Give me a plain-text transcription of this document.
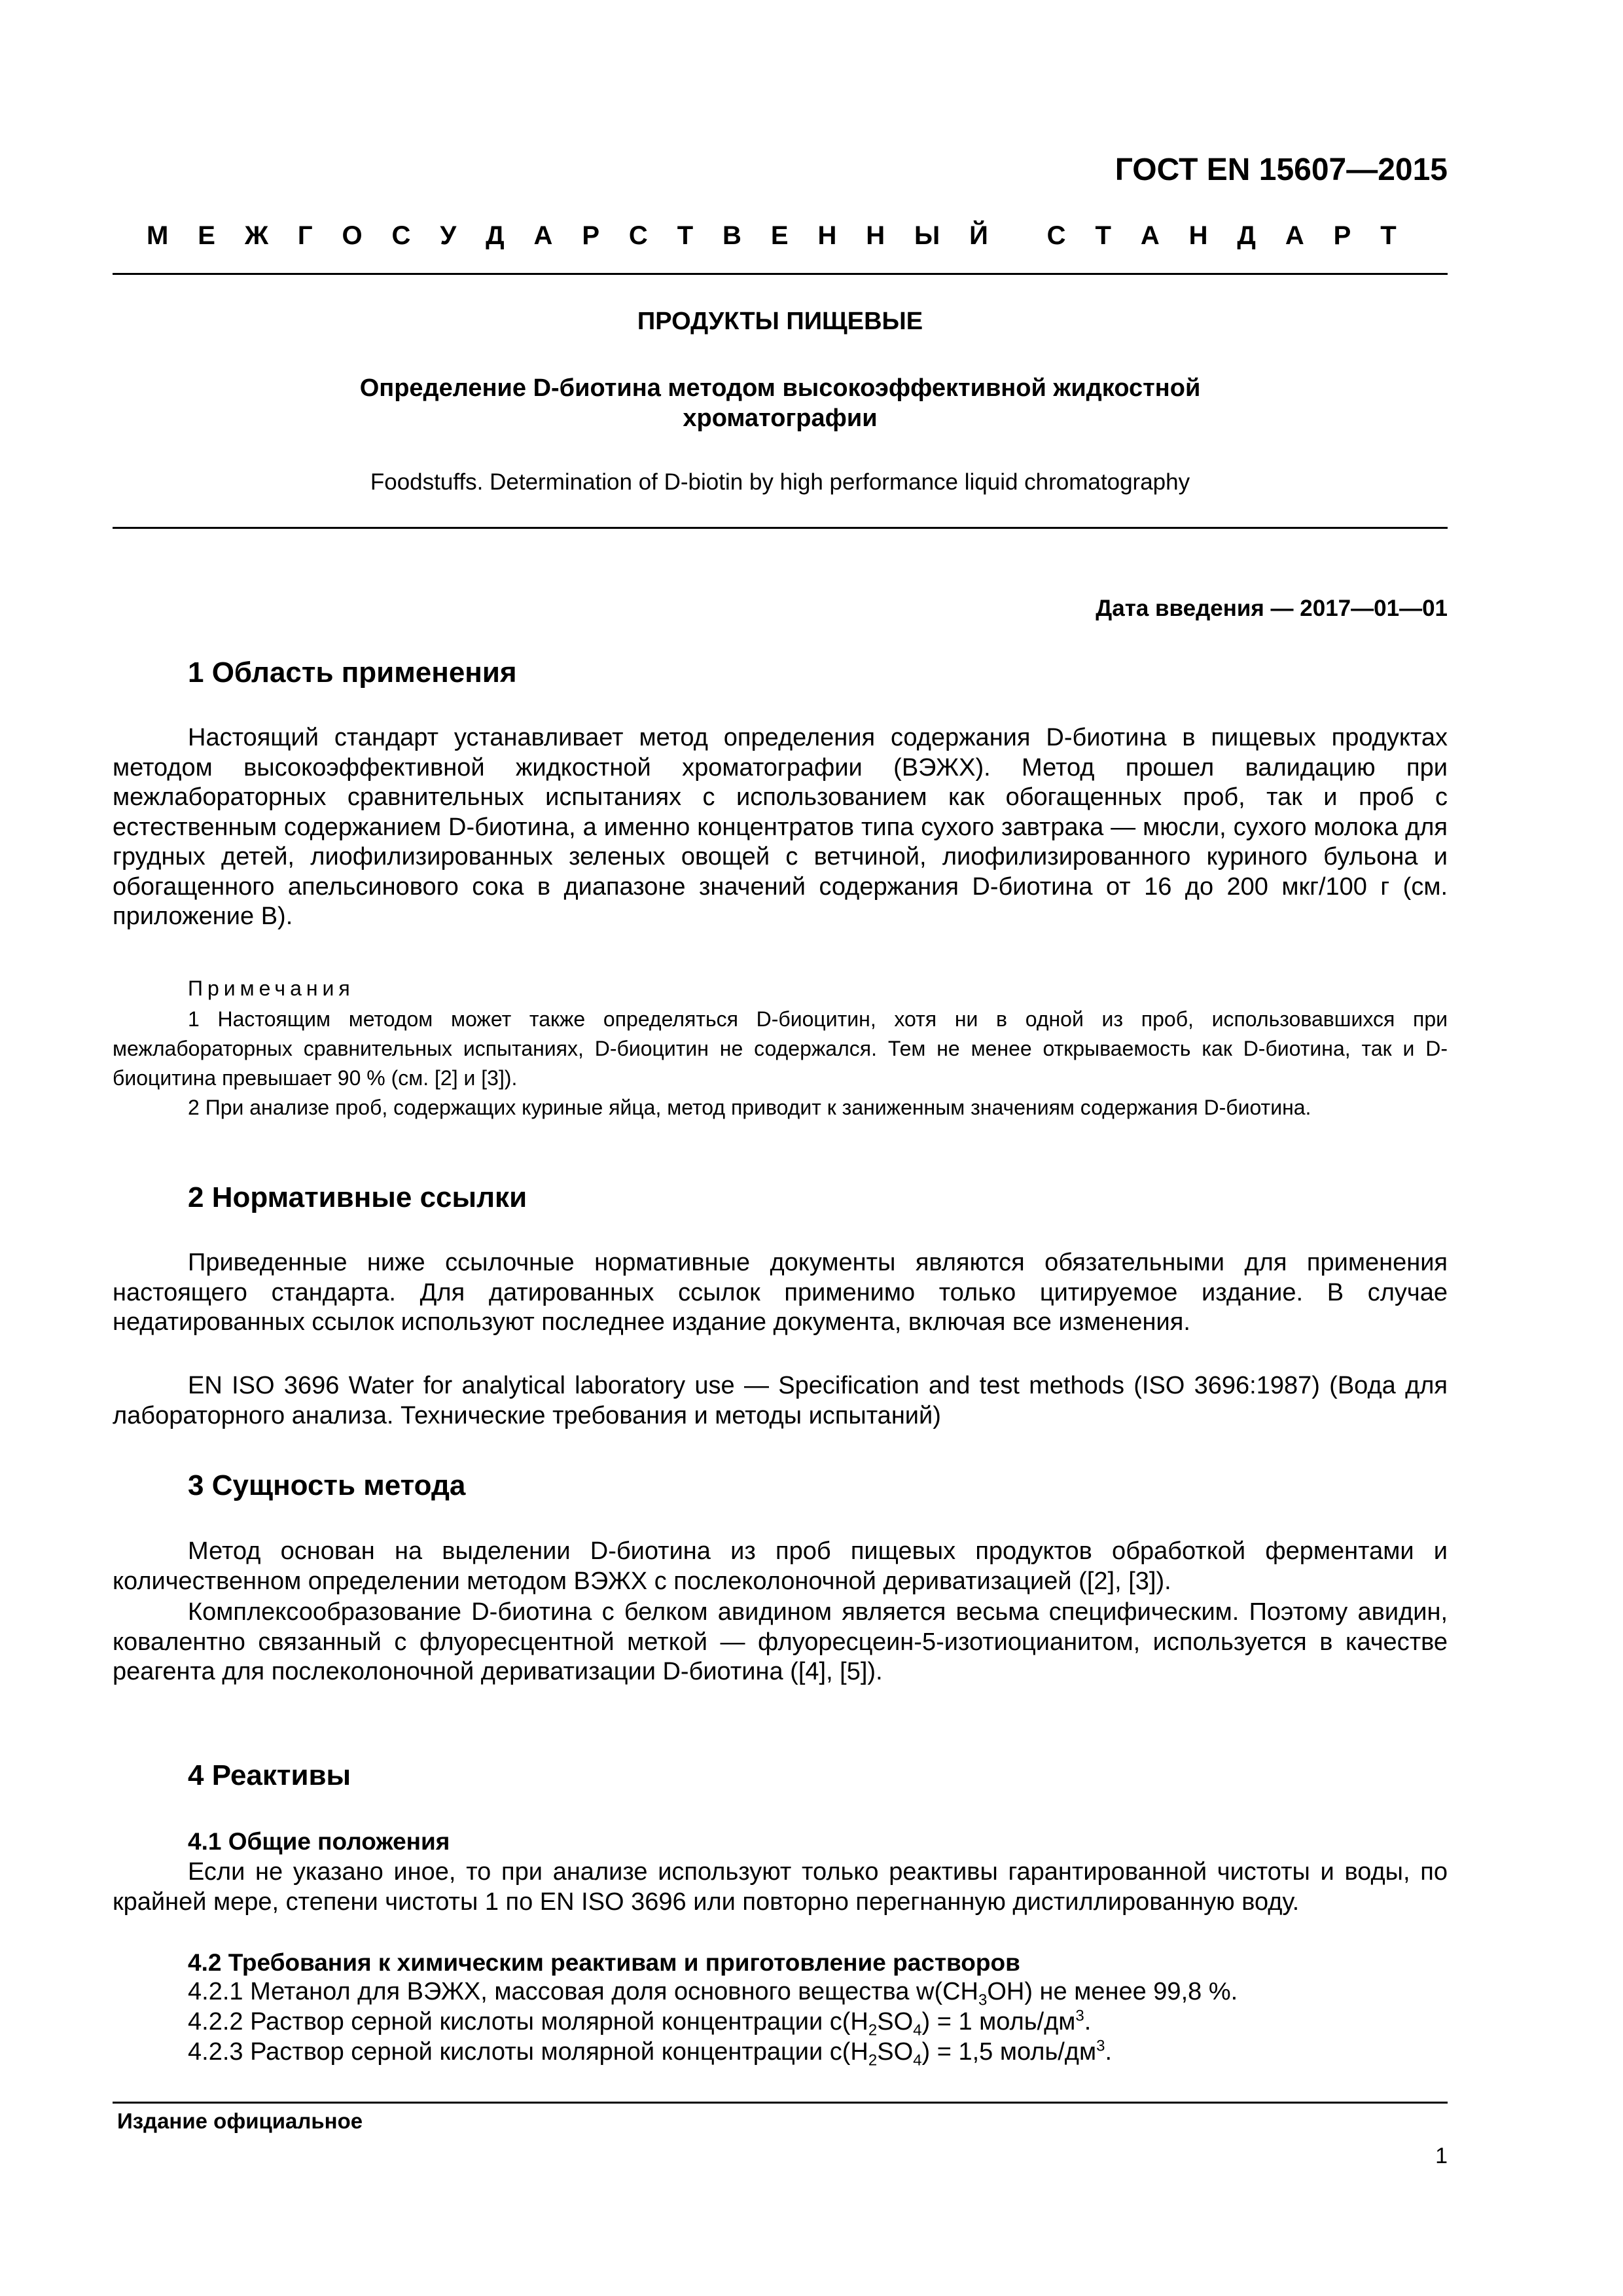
ГОСТ EN 15607—2015
М Е Ж Г О С У Д А Р С Т В Е Н Н Ы Й С Т А Н Д А Р Т
ПРОДУКТЫ ПИЩЕВЫЕ
Определение D-биотина методом высокоэффективной жидкостной
хроматографии
Foodstuffs. Determination of D-biotin by high performance liquid chromatography
Дата введения — 2017—01—01
1 Область применения
Настоящий стандарт устанавливает метод определения содержания D-биотина в пищевых продуктах методом высокоэффективной жидкостной хроматографии (ВЭЖХ). Метод прошел валидацию при межлабораторных сравнительных испытаниях с использованием как обогащенных проб, так и проб с естественным содержанием D-биотина, а именно концентратов типа сухого завтрака — мюсли, сухого молока для грудных детей, лиофилизированных зеленых овощей с ветчиной, лиофилизированного куриного бульона и обогащенного апельсинового сока в диапазоне значений содержания D-биотина от 16 до 200 мкг/100 г (см. приложение В).
Примечания
1 Настоящим методом может также определяться D-биоцитин, хотя ни в одной из проб, использовавшихся при межлабораторных сравнительных испытаниях, D-биоцитин не содержался. Тем не менее открываемость как D-биотина, так и D-биоцитина превышает 90 % (см. [2] и [3]).
2 При анализе проб, содержащих куриные яйца, метод приводит к заниженным значениям содержания D-биотина.
2 Нормативные ссылки
Приведенные ниже ссылочные нормативные документы являются обязательными для применения настоящего стандарта. Для датированных ссылок применимо только цитируемое издание. В случае недатированных ссылок используют последнее издание документа, включая все изменения.
EN ISO 3696 Water for analytical laboratory use — Specification and test methods (ISO 3696:1987) (Вода для лабораторного анализа. Технические требования и методы испытаний)
3 Сущность метода
Метод основан на выделении D-биотина из проб пищевых продуктов обработкой ферментами и количественном определении методом ВЭЖХ с послеколоночной дериватизацией ([2], [3]).
Комплексообразование D-биотина с белком авидином является весьма специфическим. Поэтому авидин, ковалентно связанный с флуоресцентной меткой — флуоресцеин-5-изотиоцианитом, используется в качестве реагента для послеколоночной дериватизации D-биотина ([4], [5]).
4 Реактивы
4.1 Общие положения
Если не указано иное, то при анализе используют только реактивы гарантированной чистоты и воды, по крайней мере, степени чистоты 1 по EN ISO 3696 или повторно перегнанную дистиллированную воду.
4.2 Требования к химическим реактивам и приготовление растворов
4.2.1 Метанол для ВЭЖХ, массовая доля основного вещества $w(CH_3OH)$ не менее 99,8 %.
4.2.2 Раствор серной кислоты молярной концентрации $c(H_2SO_4) = 1$ моль/$дм^3$.
4.2.3 Раствор серной кислоты молярной концентрации $c(H_2SO_4) = 1,5$ моль/$дм^3$.
Издание официальное
1
